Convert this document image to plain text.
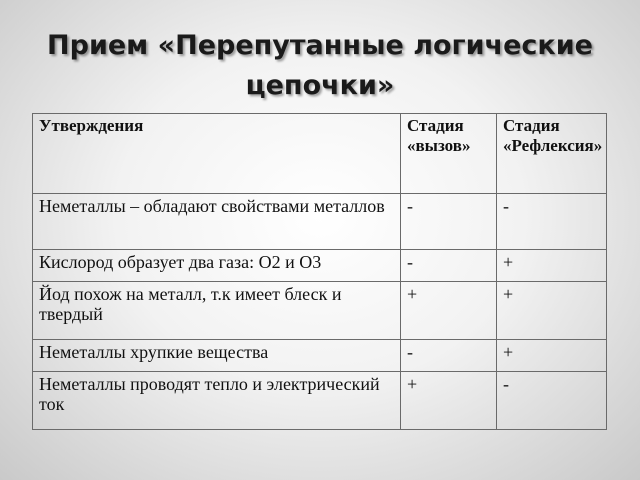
Прием «Перепутанные логические
цепочки»
Утверждения	Стадия «вызов»	Стадия «Рефлексия»
Неметаллы – обладают свойствами металлов	-	-
Кислород образует два газа: О2 и О3	-	+
Йод похож на металл, т.к имеет блеск и твердый	+	+
Неметаллы хрупкие вещества	-	+
Неметаллы проводят тепло и электрический ток	+	-
